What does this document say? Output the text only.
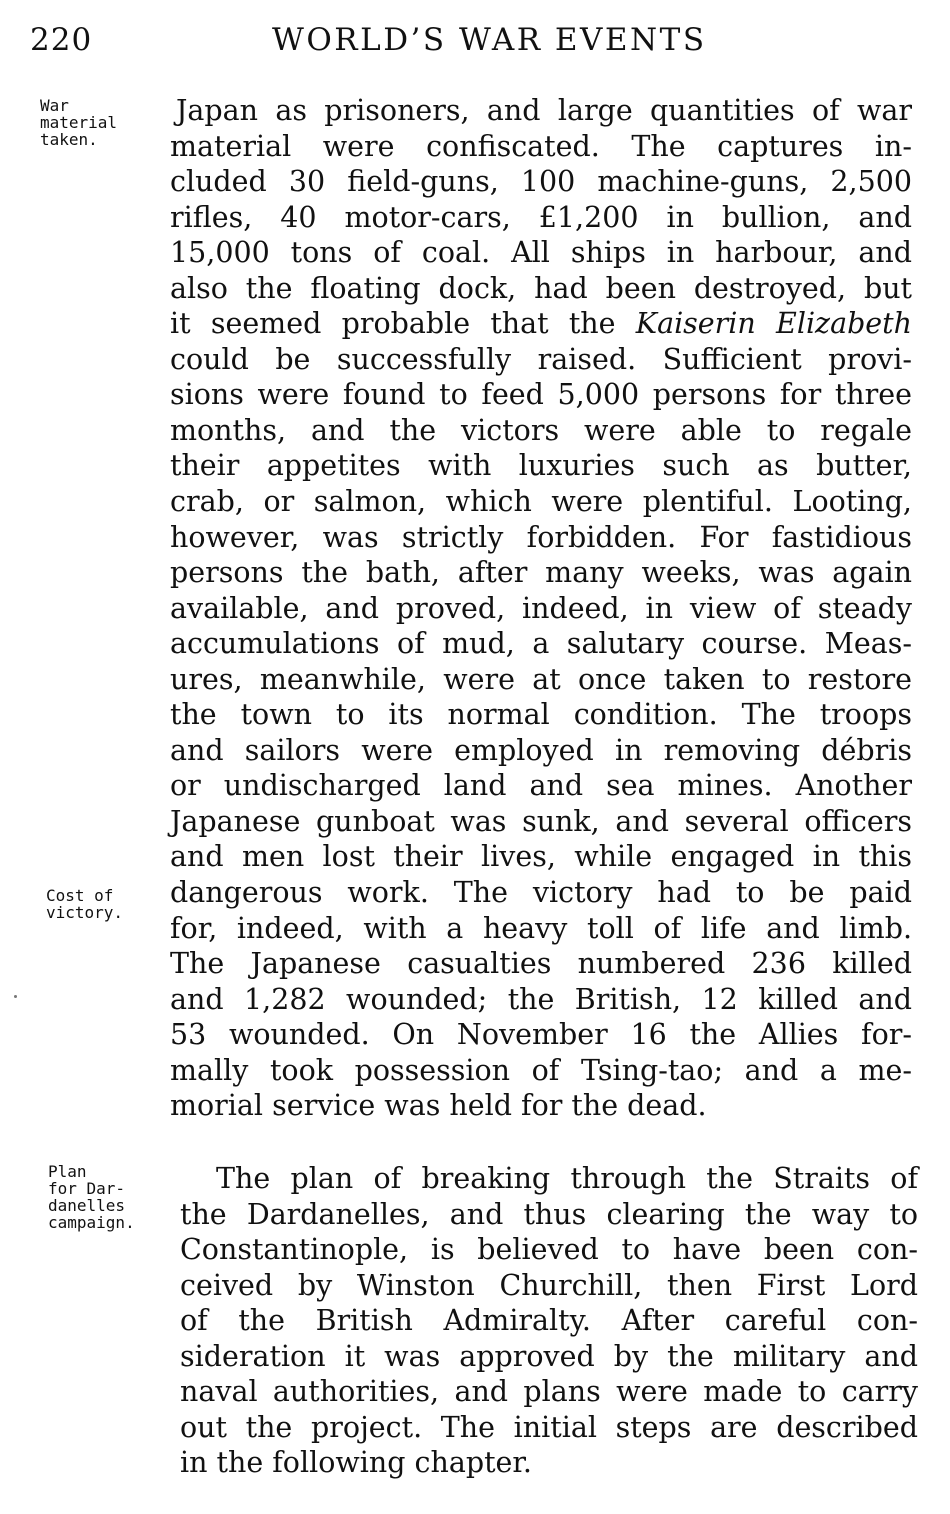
220	WORLD’S WAR EVENTS
War
material
taken.
Cost of
victory.
Plan
for Dar-
danelles
campaign.
Japan as prisoners, and large quantities of war
material were confiscated. The captures in-
cluded 30 field-guns, 100 machine-guns, 2,500
rifles, 40 motor-cars, £1,200 in bullion, and
15,000 tons of coal. All ships in harbour, and
also the floating dock, had been destroyed, but
it seemed probable that the Kaiserin Elizabeth
could be successfully raised. Sufficient provi-
sions were found to feed 5,000 persons for three
months, and the victors were able to regale
their appetites with luxuries such as butter,
crab, or salmon, which were plentiful. Looting,
however, was strictly forbidden. For fastidious
persons the bath, after many weeks, was again
available, and proved, indeed, in view of steady
accumulations of mud, a salutary course. Meas-
ures, meanwhile, were at once taken to restore
the town to its normal condition. The troops
and sailors were employed in removing débris
or undischarged land and sea mines. Another
Japanese gunboat was sunk, and several officers
and men lost their lives, while engaged in this
dangerous work. The victory had to be paid
for, indeed, with a heavy toll of life and limb.
The Japanese casualties numbered 236 killed
and 1,282 wounded; the British, 12 killed and
53 wounded. On November 16 the Allies for-
mally took possession of Tsing-tao; and a me-
morial service was held for the dead.
The plan of breaking through the Straits of
the Dardanelles, and thus clearing the way to
Constantinople, is believed to have been con-
ceived by Winston Churchill, then First Lord
of the British Admiralty. After careful con-
sideration it was approved by the military and
naval authorities, and plans were made to carry
out the project. The initial steps are described
in the following chapter.
